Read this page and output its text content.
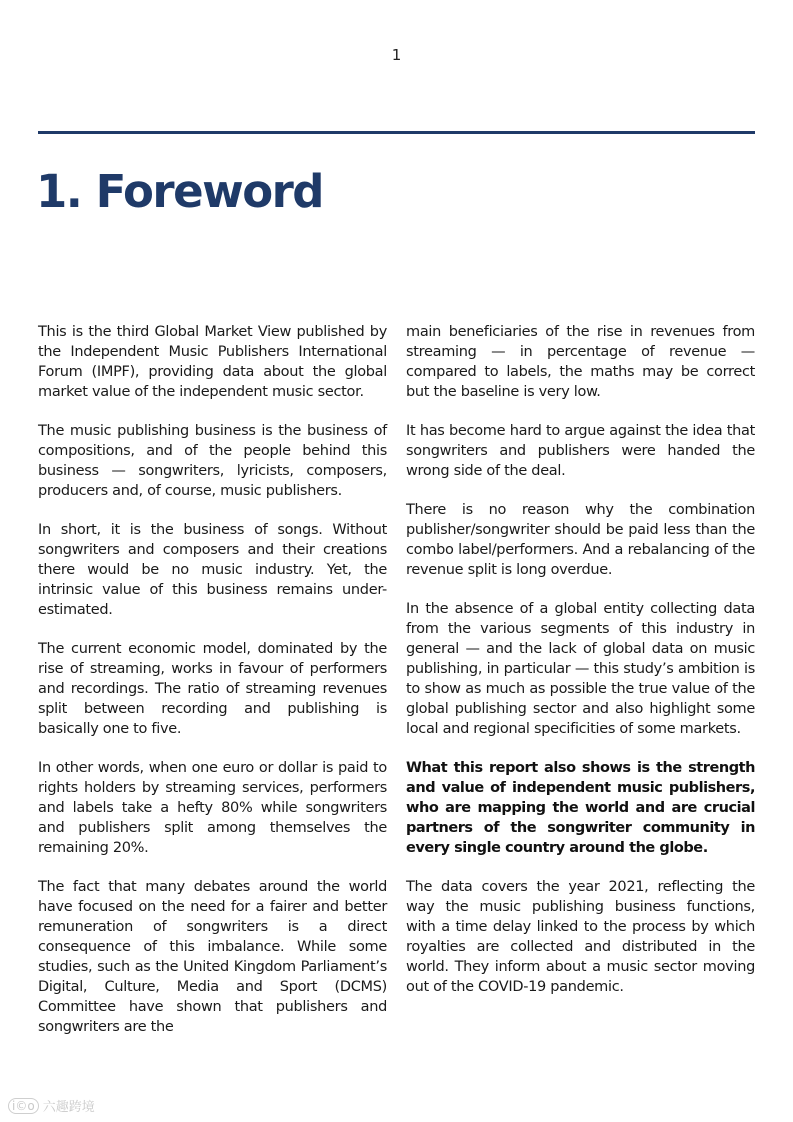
1
1. Foreword

This is the third Global Market View published by the Independent Music Publishers International Forum (IMPF), providing data about the global market value of the independent music sector.

The music publishing business is the business of compositions, and of the people behind this business — songwriters, lyricists, composers, producers and, of course, music publishers.

In short, it is the business of songs. Without songwriters and composers and their creations there would be no music industry. Yet, the intrinsic value of this business remains under-estimated.

The current economic model, dominated by the rise of streaming, works in favour of performers and recordings. The ratio of streaming revenues split between recording and publishing is basically one to five.

In other words, when one euro or dollar is paid to rights holders by streaming services, performers and labels take a hefty 80% while songwriters and publishers split among themselves the remaining 20%.

The fact that many debates around the world have focused on the need for a fairer and better remuneration of songwriters is a direct consequence of this imbalance. While some studies, such as the United Kingdom Parliament’s Digital, Culture, Media and Sport (DCMS) Committee have shown that publishers and songwriters are the

main beneficiaries of the rise in revenues from streaming — in percentage of revenue — compared to labels, the maths may be correct but the baseline is very low.

It has become hard to argue against the idea that songwriters and publishers were handed the wrong side of the deal.

There is no reason why the combination publisher/songwriter should be paid less than the combo label/performers. And a rebalancing of the revenue split is long overdue.

In the absence of a global entity collecting data from the various segments of this industry in general — and the lack of global data on music publishing, in particular — this study’s ambition is to show as much as possible the true value of the global publishing sector and also highlight some local and regional specificities of some markets.

What this report also shows is the strength and value of independent music publishers, who are mapping the world and are crucial partners of the songwriter community in every single country around the globe.

The data covers the year 2021, reflecting the way the music publishing business functions, with a time delay linked to the process by which royalties are collected and distributed in the world. They inform about a music sector moving out of the COVID-19 pandemic.

i©o 六趣跨境
